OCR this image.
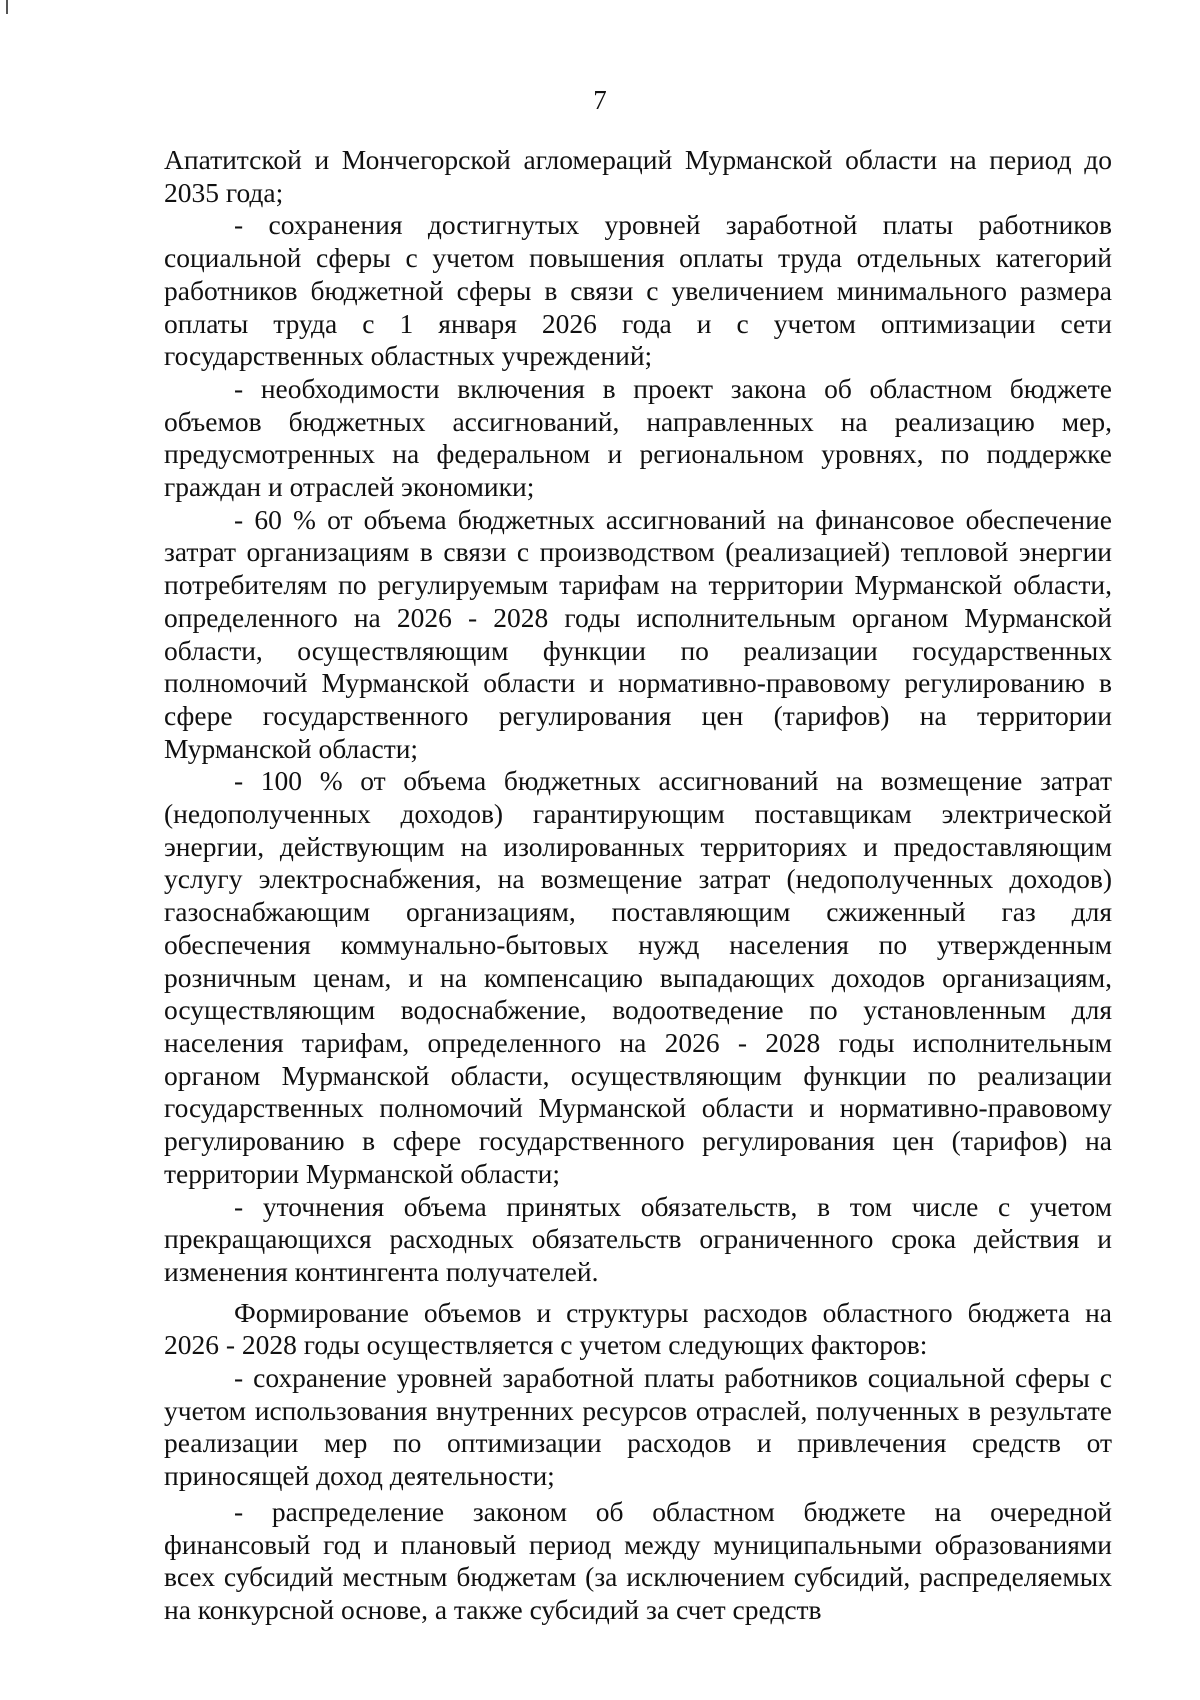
7

Апатитской и Мончегорской агломераций Мурманской области на период до 2035 года;

- сохранения достигнутых уровней заработной платы работников социальной сферы с учетом повышения оплаты труда отдельных категорий работников бюджетной сферы в связи с увеличением минимального размера оплаты труда с 1 января 2026 года и с учетом оптимизации сети государственных областных учреждений;

- необходимости включения в проект закона об областном бюджете объемов бюджетных ассигнований, направленных на реализацию мер, предусмотренных на федеральном и региональном уровнях, по поддержке граждан и отраслей экономики;

- 60 % от объема бюджетных ассигнований на финансовое обеспечение затрат организациям в связи с производством (реализацией) тепловой энергии потребителям по регулируемым тарифам на территории Мурманской области, определенного на 2026 - 2028 годы исполнительным органом Мурманской области, осуществляющим функции по реализации государственных полномочий Мурманской области и нормативно-правовому регулированию в сфере государственного регулирования цен (тарифов) на территории Мурманской области;

- 100 % от объема бюджетных ассигнований на возмещение затрат (недополученных доходов) гарантирующим поставщикам электрической энергии, действующим на изолированных территориях и предоставляющим услугу электроснабжения, на возмещение затрат (недополученных доходов) газоснабжающим организациям, поставляющим сжиженный газ для обеспечения коммунально-бытовых нужд населения по утвержденным розничным ценам, и на компенсацию выпадающих доходов организациям, осуществляющим водоснабжение, водоотведение по установленным для населения тарифам, определенного на 2026 - 2028 годы исполнительным органом Мурманской области, осуществляющим функции по реализации государственных полномочий Мурманской области и нормативно-правовому регулированию в сфере государственного регулирования цен (тарифов) на территории Мурманской области;

- уточнения объема принятых обязательств, в том числе с учетом прекращающихся расходных обязательств ограниченного срока действия и изменения контингента получателей.

Формирование объемов и структуры расходов областного бюджета на 2026 - 2028 годы осуществляется с учетом следующих факторов:

- сохранение уровней заработной платы работников социальной сферы с учетом использования внутренних ресурсов отраслей, полученных в результате реализации мер по оптимизации расходов и привлечения средств от приносящей доход деятельности;

- распределение законом об областном бюджете на очередной финансовый год и плановый период между муниципальными образованиями всех субсидий местным бюджетам (за исключением субсидий, распределяемых на конкурсной основе, а также субсидий за счет средств
